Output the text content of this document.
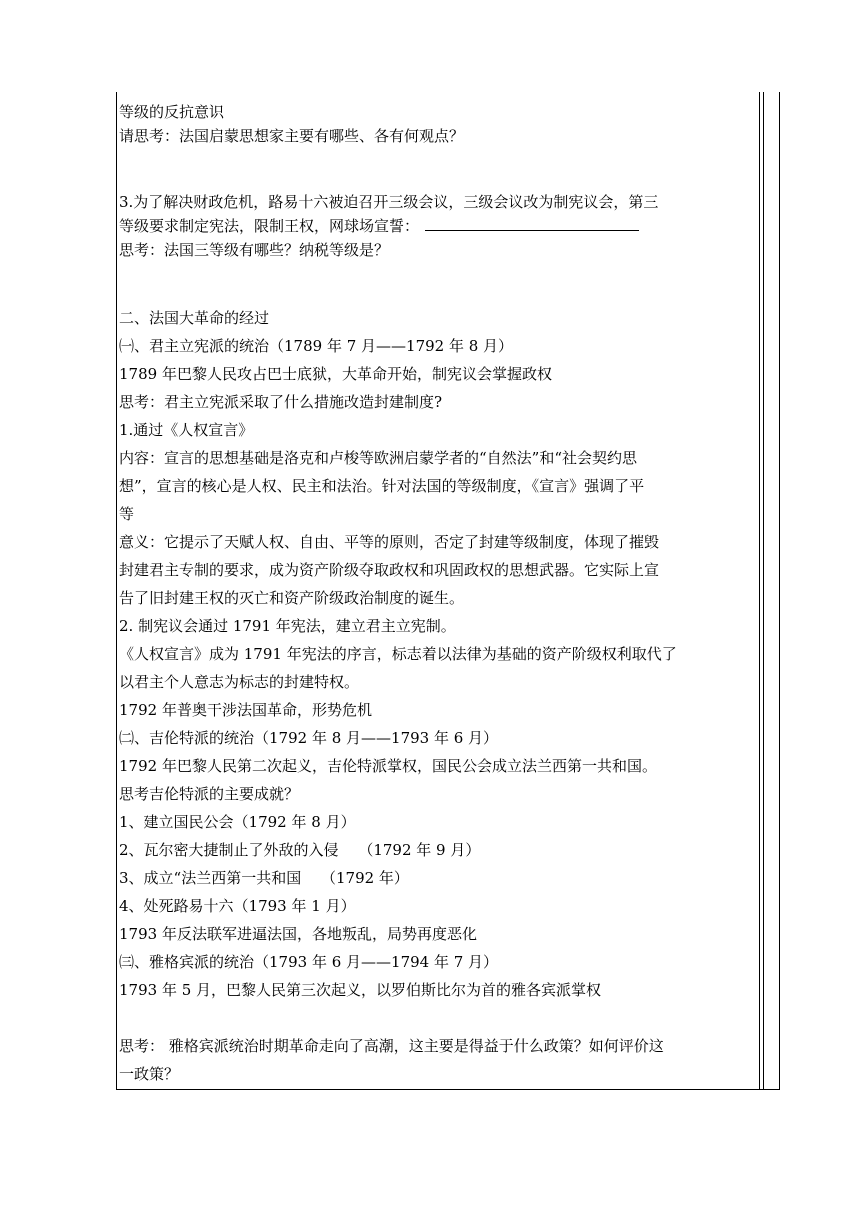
等级的反抗意识
请思考：法国启蒙思想家主要有哪些、各有何观点？
3.为了解决财政危机，路易十六被迫召开三级会议，三级会议改为制宪议会，第三
等级要求制定宪法，限制王权，网球场宣誓：
思考：法国三等级有哪些？纳税等级是？
二、法国大革命的经过
㈠、君主立宪派的统治（1789 年 7 月——1792 年 8 月）
1789 年巴黎人民攻占巴士底狱，大革命开始，制宪议会掌握政权
思考：君主立宪派采取了什么措施改造封建制度?
1.通过《人权宣言》
内容：宣言的思想基础是洛克和卢梭等欧洲启蒙学者的“自然法”和“社会契约思
想”，宣言的核心是人权、民主和法治。针对法国的等级制度，《宣言》强调了平
等
意义：它提示了天赋人权、自由、平等的原则，否定了封建等级制度，体现了摧毁
封建君主专制的要求，成为资产阶级夺取政权和巩固政权的思想武器。它实际上宣
告了旧封建王权的灭亡和资产阶级政治制度的诞生。
2. 制宪议会通过 1791 年宪法，建立君主立宪制。
《人权宣言》成为 1791 年宪法的序言，标志着以法律为基础的资产阶级权利取代了
以君主个人意志为标志的封建特权。
1792 年普奥干涉法国革命，形势危机
㈡、吉伦特派的统治（1792 年 8 月——1793 年 6 月）
1792 年巴黎人民第二次起义，吉伦特派掌权，国民公会成立法兰西第一共和国。
思考吉伦特派的主要成就？
1、建立国民公会（1792 年 8 月）
2、瓦尔密大捷制止了外敌的入侵　 （1792 年 9 月）
3、成立“法兰西第一共和国　 （1792 年）
4、处死路易十六（1793 年 1 月）
1793 年反法联军进逼法国，各地叛乱，局势再度恶化
㈢、雅格宾派的统治（1793 年 6 月——1794 年 7 月）
1793 年 5 月，巴黎人民第三次起义，以罗伯斯比尔为首的雅各宾派掌权
思考： 雅格宾派统治时期革命走向了高潮，这主要是得益于什么政策？如何评价这
一政策？
